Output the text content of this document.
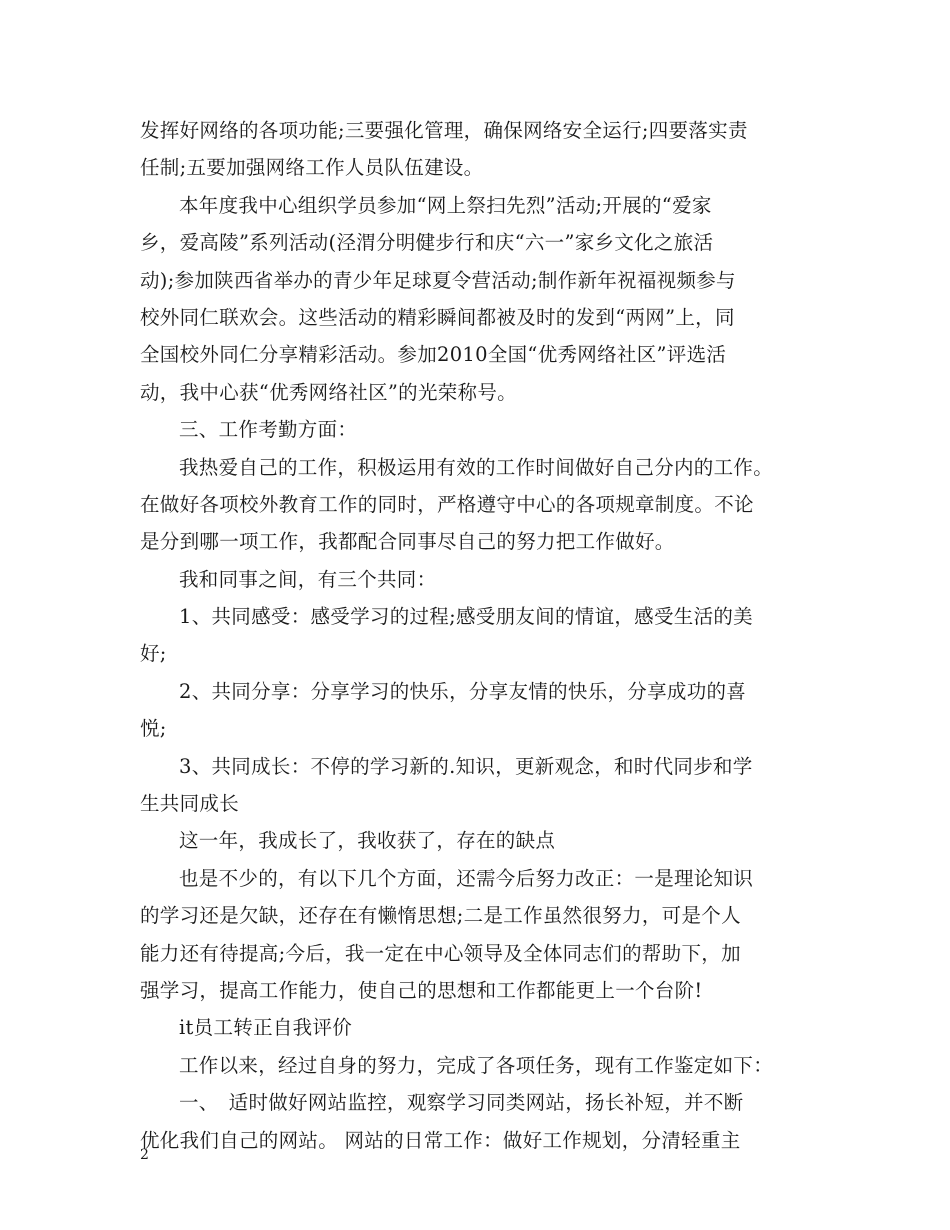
发挥好网络的各项功能;三要强化管理，确保网络安全运行;四要落实责
任制;五要加强网络工作人员队伍建设。
本年度我中心组织学员参加“网上祭扫先烈”活动;开展的“爱家
乡，爱高陵”系列活动(泾渭分明健步行和庆“六一”家乡文化之旅活
动);参加陕西省举办的青少年足球夏令营活动;制作新年祝福视频参与
校外同仁联欢会。这些活动的精彩瞬间都被及时的发到“两网”上，同
全国校外同仁分享精彩活动。参加2010全国“优秀网络社区”评选活
动，我中心获“优秀网络社区”的光荣称号。
三、工作考勤方面：
我热爱自己的工作，积极运用有效的工作时间做好自己分内的工作。
在做好各项校外教育工作的同时，严格遵守中心的各项规章制度。不论
是分到哪一项工作，我都配合同事尽自己的努力把工作做好。
我和同事之间，有三个共同：
1、共同感受：感受学习的过程;感受朋友间的情谊，感受生活的美
好;
2、共同分享：分享学习的快乐，分享友情的快乐，分享成功的喜
悦;
3、共同成长：不停的学习新的.知识，更新观念，和时代同步和学
生共同成长
这一年，我成长了，我收获了，存在的缺点
也是不少的，有以下几个方面，还需今后努力改正：一是理论知识
的学习还是欠缺，还存在有懒惰思想;二是工作虽然很努力，可是个人
能力还有待提高;今后，我一定在中心领导及全体同志们的帮助下，加
强学习，提高工作能力，使自己的思想和工作都能更上一个台阶!
it员工转正自我评价
工作以来，经过自身的努力，完成了各项任务，现有工作鉴定如下：
一、　适时做好网站监控，观察学习同类网站，扬长补短，并不断
优化我们自己的网站。 网站的日常工作：做好工作规划，分清轻重主
2
